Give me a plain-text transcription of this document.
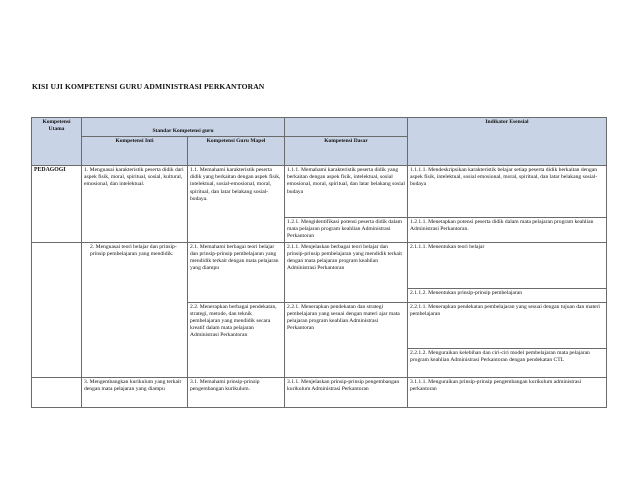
KISI UJI KOMPETENSI GURU ADMINISTRASI PERKANTORAN
Kompetensi Utama	Standar Kompetensi guru			Indikator Esensial
	Kompetensi Inti	Kompetensi Guru Mapel	Kompetensi Dasar	
PEDAGOGI	1. Menguasai karakteristik peserta didik dari aspek fisik, moral, spiritual, sosial, kultural, emosional, dan intelektual.	1.1. Memahami karakteristik peserta didik yang berkaitan dengan aspek fisik, intelektual, sosial-emosional, moral, spiritual, dan latar belakang sosial-budaya.	1.1.1. Memahami karakteristik peserta didik yang berkaitan dengan aspek fisik, intelektual, sosial emosional, moral, spiritual, dan latar belakang sosial budaya	1.1.1.1. Mendeskripsikan karakteristik belajar setiap peserta didik berkaitan dengan aspek fisik, intelektual, sosial emosional, moral, spiritual, dan latar belakang sosial-budaya
			1.2.1. Mengidentifikasi potensi peserta didik dalam mata pelajaran program keahlian Administrasi Perkantoran	1.2.1.1. Menetapkan potensi peserta didik dalam mata pelajaran program keahlian Administrasi Perkantoran.

	2. Menguasai teori belajar dan prinsip-prinsip pembelajaran yang mendidik.	2.1. Memahami berbagai teori belajar dan prinsip-prinsip pembelajaran yang mendidik terkait dengan mata pelajaran yang diampu	2.1.1. Menjelaskan berbagai teori belajar dan prinsip-prinsip pembelajaran yang mendidik terkait dengan mata pelajaran program keahlian Administrasi Perkantoran	2.1.1.1. Menentukan teori belajar
				2.1.1.2. Menentukan prinsip-prinsip pembelajaran
		2.2. Menerapkan berbagai pendekatan, strategi, metode, dan teknik pembelajaran yang mendidik secara kreatif dalam mata pelajaran Administrasi Perkantoran	2.2.1. Menerapkan pendekatan dan strategi pembelajaran yang sesuai dengan materi ajar mata pelajaran program keahlian Administrasi Perkantoran	2.2.1.1. Menerapkan pendekatan pembelajaran yang sesuai dengan tujuan dan materi pembelajaran
				2.2.1.2. Menguraikan kelebihan dan ciri-ciri model pembelajaran mata pelajaran program keahlian Administrasi Perkantoran dengan pendekatan CTL
	3. Mengembangkan kurikulum yang terkait dengan mata pelajaran yang diampu	3.1. Memahami prinsip-prinsip pengembangan kurikulum.	3.1.1. Menjelaskan prinsip-prinsip pengembangan kurikulum Administrasi Perkantoran	3.1.1.1. Menguraikan prinsip-prinsip pengembangan kurikulum administrasi perkantoran
